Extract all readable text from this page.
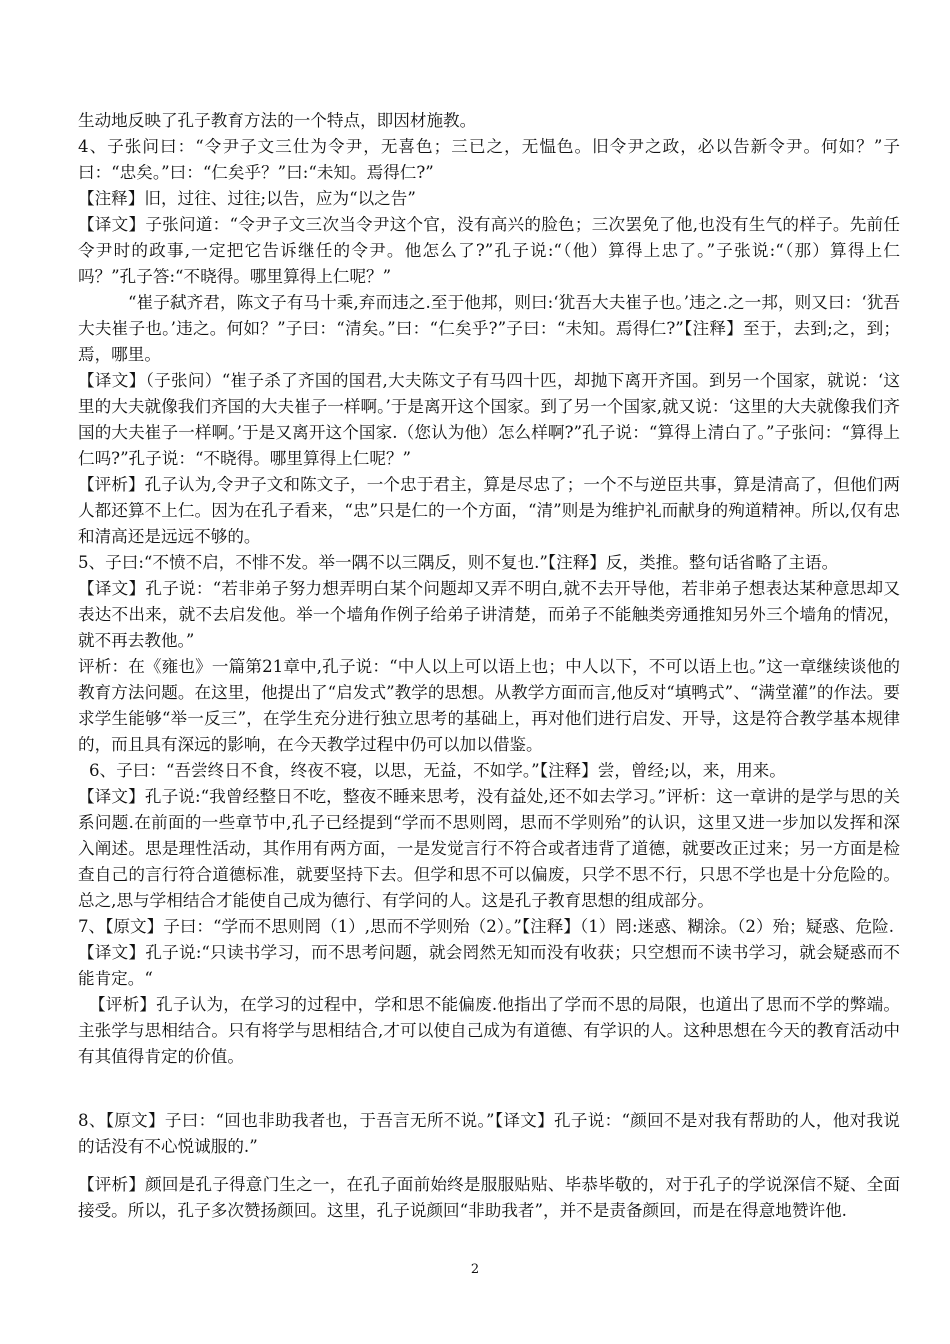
生动地反映了孔子教育方法的一个特点，即因材施教。

4、子张问曰：“令尹子文三仕为令尹，无喜色；三已之，无愠色。旧令尹之政，必以告新令尹。何如？”子曰：“忠矣。”曰：“仁矣乎？”曰:“未知。焉得仁?”

【注释】旧，过往、过往;以告，应为“以之告”

【译文】子张问道：“令尹子文三次当令尹这个官，没有高兴的脸色；三次罢免了他,也没有生气的样子。先前任令尹时的政事,一定把它告诉继任的令尹。他怎么了?”孔子说:“（他）算得上忠了。”子张说:“（那）算得上仁吗？”孔子答:“不晓得。哪里算得上仁呢？”

“崔子弑齐君，陈文子有马十乘,弃而违之.至于他邦，则曰:‘犹吾大夫崔子也。’违之.之一邦，则又曰：‘犹吾大夫崔子也。’违之。何如？”子曰：“清矣。”曰：“仁矣乎?”子曰：“未知。焉得仁?”【注释】至于，去到;之，到；焉，哪里。

【译文】（子张问）“崔子杀了齐国的国君,大夫陈文子有马四十匹，却抛下离开齐国。到另一个国家，就说：‘这里的大夫就像我们齐国的大夫崔子一样啊。’于是离开这个国家。到了另一个国家,就又说：‘这里的大夫就像我们齐国的大夫崔子一样啊。’于是又离开这个国家.（您认为他）怎么样啊?”孔子说：“算得上清白了。”子张问：“算得上仁吗?”孔子说：“不晓得。哪里算得上仁呢？”

【评析】孔子认为,令尹子文和陈文子，一个忠于君主，算是尽忠了；一个不与逆臣共事，算是清高了，但他们两人都还算不上仁。因为在孔子看来，“忠”只是仁的一个方面，“清”则是为维护礼而献身的殉道精神。所以,仅有忠和清高还是远远不够的。

5、子曰:“不愤不启，不悱不发。举一隅不以三隅反，则不复也.”【注释】反，类推。整句话省略了主语。

【译文】孔子说：“若非弟子努力想弄明白某个问题却又弄不明白,就不去开导他，若非弟子想表达某种意思却又表达不出来，就不去启发他。举一个墙角作例子给弟子讲清楚，而弟子不能触类旁通推知另外三个墙角的情况，就不再去教他。”

评析：在《雍也》一篇第21章中,孔子说：“中人以上可以语上也；中人以下，不可以语上也。”这一章继续谈他的教育方法问题。在这里，他提出了“启发式”教学的思想。从教学方面而言,他反对“填鸭式”、“满堂灌”的作法。要求学生能够“举一反三”，在学生充分进行独立思考的基础上，再对他们进行启发、开导，这是符合教学基本规律的，而且具有深远的影响，在今天教学过程中仍可以加以借鉴。

6、子曰：“吾尝终日不食，终夜不寝，以思，无益，不如学。”【注释】尝，曾经;以，来，用来。

【译文】孔子说:“我曾经整日不吃，整夜不睡来思考，没有益处,还不如去学习。”评析：这一章讲的是学与思的关系问题.在前面的一些章节中,孔子已经提到“学而不思则罔，思而不学则殆”的认识，这里又进一步加以发挥和深入阐述。思是理性活动，其作用有两方面，一是发觉言行不符合或者违背了道德，就要改正过来；另一方面是检查自己的言行符合道德标准，就要坚持下去。但学和思不可以偏废，只学不思不行，只思不学也是十分危险的。总之,思与学相结合才能使自己成为德行、有学问的人。这是孔子教育思想的组成部分。

7、【原文】子曰：“学而不思则罔（1）,思而不学则殆（2）。”【注释】（1）罔:迷惑、糊涂。（2）殆；疑惑、危险.

【译文】孔子说:“只读书学习，而不思考问题，就会罔然无知而没有收获；只空想而不读书学习，就会疑惑而不能肯定。“

【评析】孔子认为，在学习的过程中，学和思不能偏废.他指出了学而不思的局限，也道出了思而不学的弊端。主张学与思相结合。只有将学与思相结合,才可以使自己成为有道德、有学识的人。这种思想在今天的教育活动中有其值得肯定的价值。

8、【原文】子曰：“回也非助我者也，于吾言无所不说。”【译文】孔子说：“颜回不是对我有帮助的人，他对我说的话没有不心悦诚服的.”

【评析】颜回是孔子得意门生之一，在孔子面前始终是服服贴贴、毕恭毕敬的，对于孔子的学说深信不疑、全面接受。所以，孔子多次赞扬颜回。这里，孔子说颜回“非助我者”，并不是责备颜回，而是在得意地赞许他.

2
